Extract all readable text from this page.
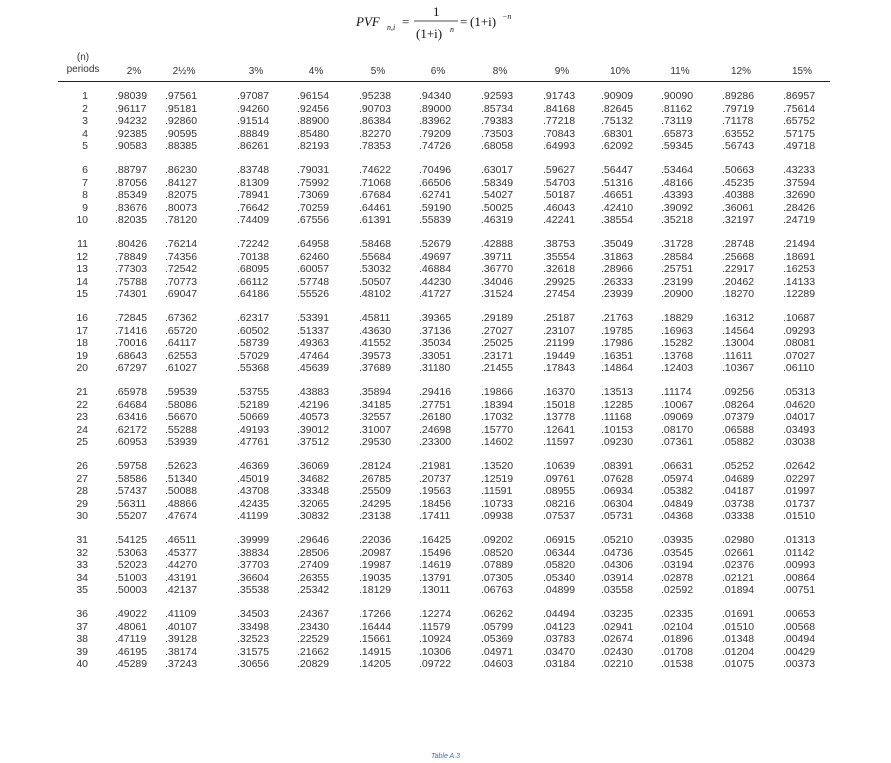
PVF n,i =
1
(1+i) n
= (1+i) −n
(n)
periods	2%	2½%	3%	4%	5%	6%	8%	9%	10%	11%	12%	15%
1	.98039 .97561	.97087	.96154	.95238	.94340	.92593	.91743 .90909	.90090	.89286	.86957
2	.96117 .95181	.94260	.92456	.90703	.89000	.85734	.84168 .82645	.81162	.79719	.75614
3	.94232 .92860	.91514	.88900	.86384	.83962	.79383	.77218 .75132	.73119	.71178	.65752
4	.92385 .90595	.88849	.85480	.82270	.79209	.73503	.70843 .68301	.65873	.63552	.57175
5	.90583 .88385	.86261	.82193	.78353	.74726	.68058	.64993 .62092	.59345	.56743	.49718
6	.88797 .86230	.83748	.79031	.74622	.70496	.63017	.59627 .56447	.53464	.50663	.43233
7	.87056 .84127	.81309	.75992	.71068	.66506	.58349	.54703 .51316	.48166	.45235	.37594
8	.85349 .82075	.78941	.73069	.67684	.62741	.54027	.50187 .46651	.43393	.40388	.32690
9	.83676 .80073	.76642	.70259	.64461	.59190	.50025	.46043 .42410	.39092	.36061	.28426
10	.82035 .78120	.74409	.67556	.61391	.55839	.46319	.42241 .38554	.35218	.32197	.24719
11	.80426 .76214	.72242	.64958	.58468	.52679	.42888	.38753 .35049	.31728	.28748	.21494
12	.78849 .74356	.70138	.62460	.55684	.49697	.39711	.35554 .31863	.28584	.25668	.18691
13	.77303 .72542	.68095	.60057	.53032	.46884	.36770	.32618 .28966	.25751	.22917	.16253
14	.75788 .70773	.66112	.57748	.50507	.44230	.34046	.29925 .26333	.23199	.20462	.14133
15	.74301 .69047	.64186	.55526	.48102	.41727	.31524	.27454 .23939	.20900	.18270	.12289
16	.72845 .67362	.62317	.53391	.45811	.39365	.29189	.25187 .21763	.18829	.16312	.10687
17	.71416 .65720	.60502	.51337	.43630	.37136	.27027	.23107 .19785	.16963	.14564	.09293
18	.70016 .64117	.58739	.49363	.41552	.35034	.25025	.21199	.17986	.15282	.13004	.08081
19	.68643 .62553	.57029	.47464	.39573	.33051	.23171	.19449 .16351	.13768	.11611	.07027
20	.67297 .61027	.55368	.45639	.37689	.31180	.21455	.17843 .14864	.12403	.10367	.06110
21	.65978 .59539	.53755	.43883	.35894	.29416	.19866	.16370 .13513	.11174	.09256	.05313
22	.64684 .58086	.52189	.42196	.34185	.27751	.18394	.15018 .12285	.10067	.08264	.04620
23	.63416 .56670	.50669	.40573	.32557	.26180	.17032	.13778 .11168	.09069	.07379	.04017
24	.62172 .55288	.49193	.39012	.31007	.24698	.15770	.12641 .10153	.08170	.06588	.03493
25	.60953 .53939	.47761	.37512	.29530	.23300	.14602	.11597	.09230	.07361	.05882	.03038
26	.59758 .52623	.46369	.36069	.28124	.21981	.13520	.10639 .08391	.06631	.05252	.02642
27	.58586 .51340	.45019	.34682	.26785	.20737	.12519	.09761 .07628	.05974	.04689	.02297
28	.57437 .50088	.43708	.33348	.25509	.19563	.11591	.08955 .06934	.05382	.04187	.01997
29	.56311 .48866	.42435	.32065	.24295	.18456	.10733	.08216 .06304	.04849	.03738	.01737
30	.55207 .47674	.41199	.30832	.23138	.17411	.09938	.07537 .05731	.04368	.03338	.01510
31	.54125 .46511	.39999	.29646	.22036	.16425	.09202	.06915 .05210	.03935	.02980	.01313
32	.53063 .45377	.38834	.28506	.20987	.15496	.08520	.06344 .04736	.03545	.02661	.01142
33	.52023 .44270	.37703	.27409	.19987	.14619	.07889	.05820 .04306	.03194	.02376	.00993
34	.51003 .43191	.36604	.26355	.19035	.13791	.07305	.05340 .03914	.02878	.02121	.00864
35	.50003 .42137	.35538	.25342	.18129	.13011	.06763	.04899 .03558	.02592	.01894	.00751
36	.49022 .41109	.34503	.24367	.17266	.12274	.06262	.04494 .03235	.02335	.01691	.00653
37	.48061 .40107	.33498	.23430	.16444	.11579	.05799	.04123 .02941	.02104	.01510	.00568
38	.47119 .39128	.32523	.22529	.15661	.10924	.05369	.03783 .02674	.01896	.01348	.00494
39	.46195 .38174	.31575	.21662	.14915	.10306	.04971	.03470 .02430	.01708	.01204	.00429
40	.45289 .37243	.30656	.20829	.14205	.09722	.04603	.03184 .02210	.01538	.01075	.00373
Table A.3
